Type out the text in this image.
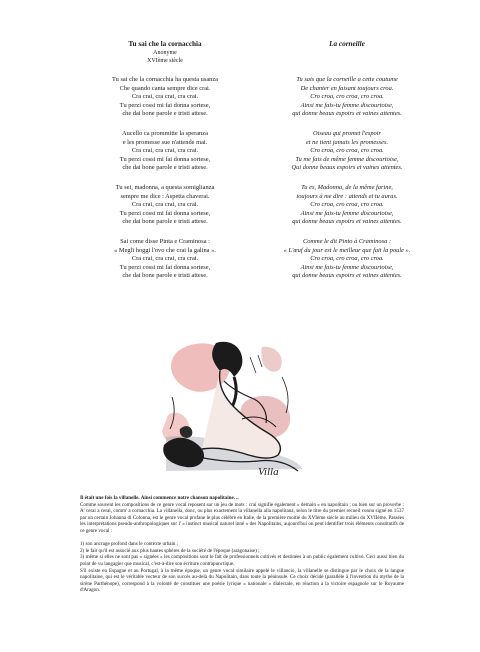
Tu sai che la cornacchia
Anonyme
XVIème siècle
Tu sai che la cornacchia ha questa usanza
Che quando canta sempre dice crai.
Cra crai, cra crai, cra crai.
Tu perzi cossi mi fai donna sortese,
che dai bone parole e tristi attese.
Aucello ca prommitte la speranza
e les promesse sue n'attende mai.
Cra crai, cra crai, cra crai.
Tu perzi cossi mi fai donna sortese,
che dai bone parole e tristi attese.
Tu sei, madonna, a questa somiglianza
sempre me dice : Aspetta chaverai.
Cra crai, cra crai, cra crai.
Tu perzi cossi mi fai donna sortese,
che dai bone parole e tristi attese.
Sai come disse Pinta e Craminosa :
« Meglï hoggi l'ovo che crai la galina ».
Cra crai, cra crai, cra crai.
Tu perzi cossi mi fai donna sortese,
che dai bone parole e tristi attese.
La corneille

Tu sais que la corneille a cette coutume
De chanter en faisant toujours croa.
Cro croa, cro croa, cro croa.
Ainsi me fais-tu femme discourtoise,
qui donne beaux espoirs et vaines attentes.
Oiseau qui promet l'espoir
et ne tient jamais les promesses.
Cro croa, cro croa, cro croa.
Tu me fais de même femme discourtoise,
Qui donne beaux espoirs et vaines attentes.
Tu es, Madonna, de la même farine,
toujours à me dire : attends et tu auras.
Cro croa, cro croa, cro croa.
Ainsi me fais-tu femme discourtoise,
qui donne beaux espoirs et vaines attentes.
Comme le dit Pinto à Craminosa :
« L'œuf du jour est le meilleur que fait la poule ».
Cro croa, cro croa, cro croa.
Ainsi me fais-tu femme discourtoise,
qui donne beaux espoirs et vaines attentes.
Villa

Il était une fois la villanelle. Ainsi commence notre chanson napolitaine…

Comme souvent les compositions de ce genre vocal reposent sur un jeu de mots : crai signifie également « demain » en napolitain ; ou bien sur un proverbe : A' cerai a cerai, comm' a cornacchia. La villanella, donc, ou plus exactement la villanella alla napolitana, selon le titre du premier recueil connu signé en 1537 par un certain Johanna di Colonna, est le genre vocal profane le plus célèbre en Italie, de la première moitié du XVIème siècle au milieu du XVIIème. Passées les interprétations pseudo-anthropologiques sur l' « instinct musical naturel inné » des Napolitains, aujourd'hui on peut identifier trois éléments constitutifs de ce genre vocal :

1) son ancrage profond dans le contexte urbain ;

2) le fait qu'il est associé aux plus hautes sphères de la société de l'époque (aragonaise) ;

3) même si elles ne sont pas « signées » les compositions sont le fait de professionnels cultivés et destinées à un public également cultivé. Ceci aussi bien du point de vu langagier que musical, c'est-à-dire son écriture contrapunctique.

S'il existe en Espagne et au Portugal, à la même époque, un genre vocal similaire appelé le villancio, la villanelle se distingue par le choix de la langue napolitaine, qui est le véritable vecteur de son succès au-delà du Napolitain, dans toute la péninsule. Ce choix décidé (parallèle à l'invention du mythe de la sirène Parthénope), correspond à la volonté de constituer une poésie lyrique « nationale » dialectale, en réaction à la victoire espagnole sur le Royaume d'Aragon.
